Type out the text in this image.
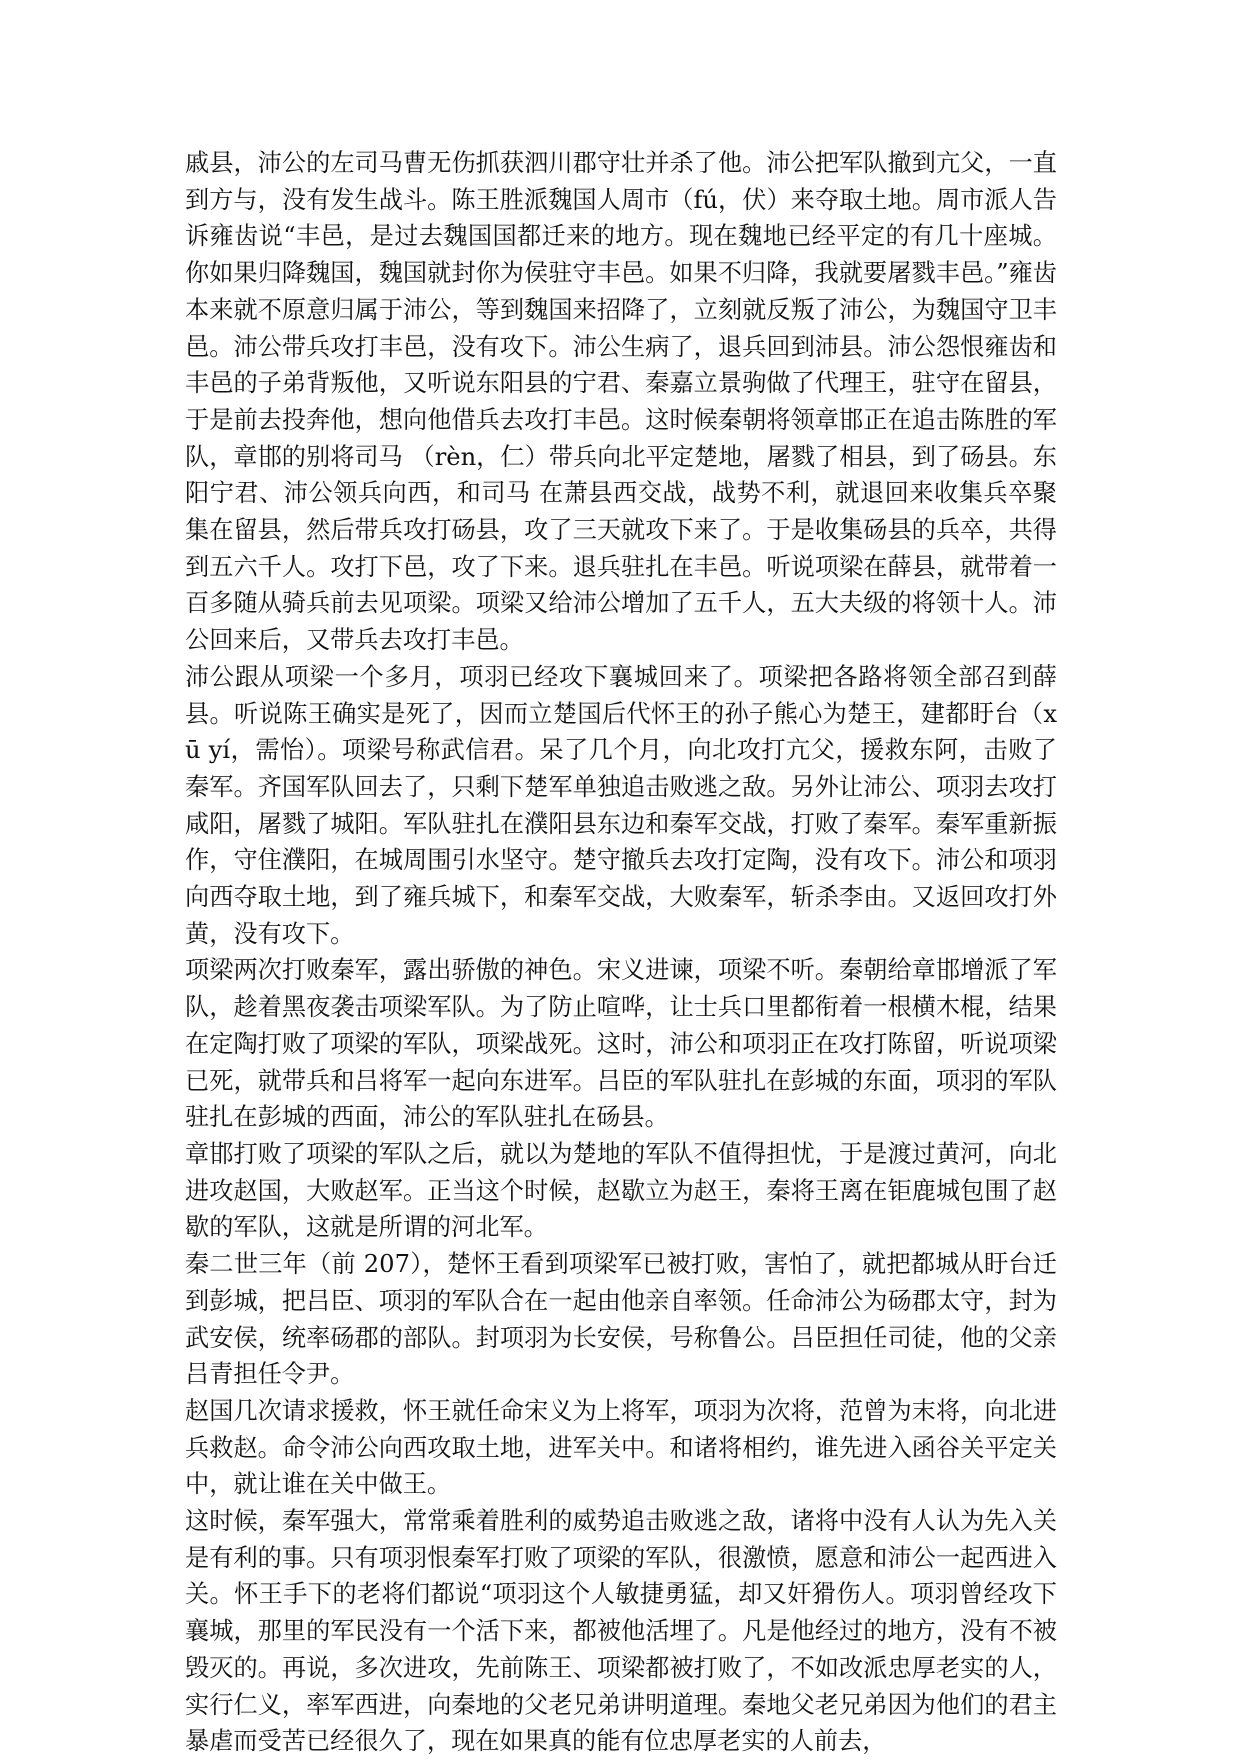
戚县，沛公的左司马曹无伤抓获泗川郡守壮并杀了他。沛公把军队撤到亢父，一直到方与，没有发生战斗。陈王胜派魏国人周市（fú，伏）来夺取土地。周市派人告诉雍齿说“丰邑，是过去魏国国都迁来的地方。现在魏地已经平定的有几十座城。你如果归降魏国，魏国就封你为侯驻守丰邑。如果不归降，我就要屠戮丰邑。”雍齿本来就不原意归属于沛公，等到魏国来招降了，立刻就反叛了沛公，为魏国守卫丰邑。沛公带兵攻打丰邑，没有攻下。沛公生病了，退兵回到沛县。沛公怨恨雍齿和丰邑的子弟背叛他，又听说东阳县的宁君、秦嘉立景驹做了代理王，驻守在留县，于是前去投奔他，想向他借兵去攻打丰邑。这时候秦朝将领章邯正在追击陈胜的军队，章邯的别将司马 （rèn，仁）带兵向北平定楚地，屠戮了相县，到了砀县。东阳宁君、沛公领兵向西，和司马 在萧县西交战，战势不利，就退回来收集兵卒聚集在留县，然后带兵攻打砀县，攻了三天就攻下来了。于是收集砀县的兵卒，共得到五六千人。攻打下邑，攻了下来。退兵驻扎在丰邑。听说项梁在薛县，就带着一百多随从骑兵前去见项梁。项梁又给沛公增加了五千人，五大夫级的将领十人。沛公回来后，又带兵去攻打丰邑。

沛公跟从项梁一个多月，项羽已经攻下襄城回来了。项梁把各路将领全部召到薛县。听说陈王确实是死了，因而立楚国后代怀王的孙子熊心为楚王，建都盱台（xū yí，需怡）。项梁号称武信君。呆了几个月，向北攻打亢父，援救东阿，击败了秦军。齐国军队回去了，只剩下楚军单独追击败逃之敌。另外让沛公、项羽去攻打咸阳，屠戮了城阳。军队驻扎在濮阳县东边和秦军交战，打败了秦军。秦军重新振作，守住濮阳，在城周围引水坚守。楚守撤兵去攻打定陶，没有攻下。沛公和项羽向西夺取土地，到了雍兵城下，和秦军交战，大败秦军，斩杀李由。又返回攻打外黄，没有攻下。

项梁两次打败秦军，露出骄傲的神色。宋义进谏，项梁不听。秦朝给章邯增派了军队，趁着黑夜袭击项梁军队。为了防止喧哗，让士兵口里都衔着一根横木棍，结果在定陶打败了项梁的军队，项梁战死。这时，沛公和项羽正在攻打陈留，听说项梁已死，就带兵和吕将军一起向东进军。吕臣的军队驻扎在彭城的东面，项羽的军队驻扎在彭城的西面，沛公的军队驻扎在砀县。

章邯打败了项梁的军队之后，就以为楚地的军队不值得担忧，于是渡过黄河，向北进攻赵国，大败赵军。正当这个时候，赵歇立为赵王，秦将王离在钜鹿城包围了赵歇的军队，这就是所谓的河北军。

秦二世三年（前 207），楚怀王看到项梁军已被打败，害怕了，就把都城从盱台迁到彭城，把吕臣、项羽的军队合在一起由他亲自率领。任命沛公为砀郡太守，封为武安侯，统率砀郡的部队。封项羽为长安侯，号称鲁公。吕臣担任司徒，他的父亲吕青担任令尹。

赵国几次请求援救，怀王就任命宋义为上将军，项羽为次将，范曾为末将，向北进兵救赵。命令沛公向西攻取土地，进军关中。和诸将相约，谁先进入函谷关平定关中，就让谁在关中做王。

这时候，秦军强大，常常乘着胜利的威势追击败逃之敌，诸将中没有人认为先入关是有利的事。只有项羽恨秦军打败了项梁的军队，很激愤，愿意和沛公一起西进入关。怀王手下的老将们都说“项羽这个人敏捷勇猛，却又奸猾伤人。项羽曾经攻下襄城，那里的军民没有一个活下来，都被他活埋了。凡是他经过的地方，没有不被毁灭的。再说，多次进攻，先前陈王、项梁都被打败了，不如改派忠厚老实的人，实行仁义，率军西进，向秦地的父老兄弟讲明道理。秦地父老兄弟因为他们的君主暴虐而受苦已经很久了，现在如果真的能有位忠厚老实的人前去，
